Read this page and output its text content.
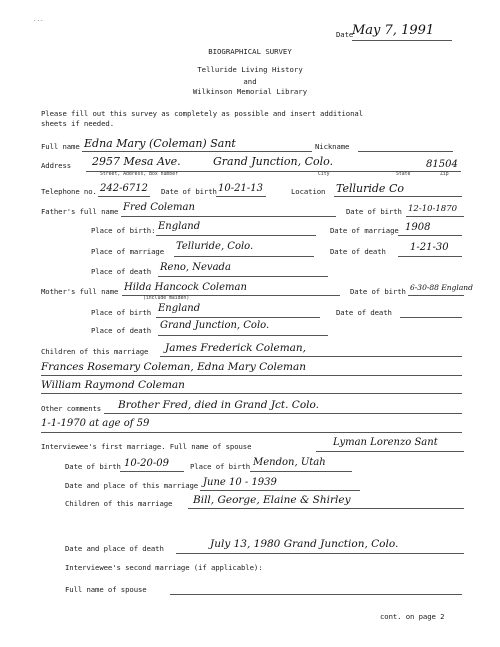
...
Date
May 7, 1991
BIOGRAPHICAL SURVEY
Telluride Living History
and
Wilkinson Memorial Library
Please fill out this survey as completely as possible and insert additional
sheets if needed.
Full name Edna Mary (Coleman) Sant	Nickname
Address 2957 Mesa Ave.	Grand Junction, Colo.	81504
Street, Address, Box number	City	State	Zip
Telephone no. 242-6712 Date of birth 10-21-13	Location Telluride Co
Father's full name Fred Coleman	Date of birth 12-10-1870
Place of birth: England	Date of marriage 1908
Place of marriage Telluride, Colo.	Date of death 1-21-30
Place of death Reno, Nevada
Mother's full name Hilda Hancock Coleman
(include maiden)
Date of birth 6-30-88 England
Place of birth England	Date of death
Place of death Grand Junction, Colo.
Children of this marriage James Frederick Coleman,
Frances Rosemary Coleman, Edna Mary Coleman
William Raymond Coleman
Other comments Brother Fred, died in Grand Jct. Colo.
1-1-1970 at age of 59
Interviewee's first marriage. Full name of spouse	Lyman Lorenzo Sant
Date of birth 10-20-09	Place of birth Mendon, Utah
Date and place of this marriage June 10 - 1939
Children of this marriage Bill, George, Elaine & Shirley
Date and place of death	July 13, 1980 Grand Junction, Colo.
Interviewee's second marriage (if applicable):
Full name of spouse
cont. on page 2
